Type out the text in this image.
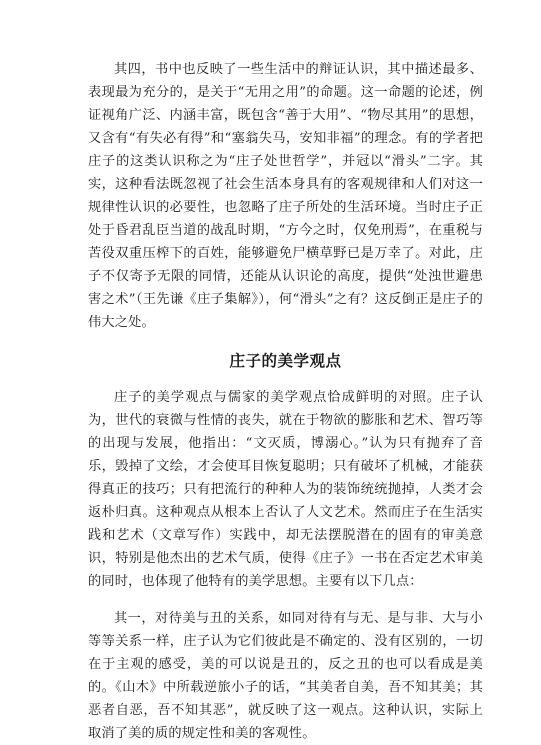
其四，书中也反映了一些生活中的辩证认识，其中描述最多、表现最为充分的，是关于“无用之用”的命题。这一命题的论述，例证视角广泛、内涵丰富，既包含“善于大用”、“物尽其用”的思想，又含有“有失必有得”和“塞翁失马，安知非福”的理念。有的学者把庄子的这类认识称之为“庄子处世哲学”，并冠以“滑头”二字。其实，这种看法既忽视了社会生活本身具有的客观规律和人们对这一规律性认识的必要性，也忽略了庄子所处的生活环境。当时庄子正处于昏君乱臣当道的战乱时期，“方今之时，仅免刑焉”，在重税与苦役双重压榨下的百姓，能够避免尸横草野已是万幸了。对此，庄子不仅寄予无限的同情，还能从认识论的高度，提供“处浊世避患害之术”（王先谦《庄子集解》），何“滑头”之有？这反倒正是庄子的伟大之处。

庄子的美学观点

庄子的美学观点与儒家的美学观点恰成鲜明的对照。庄子认为，世代的衰微与性情的丧失，就在于物欲的膨胀和艺术、智巧等的出现与发展，他指出：“文灭质，博溺心。”认为只有抛弃了音乐，毁掉了文绘，才会使耳目恢复聪明；只有破坏了机械，才能获得真正的技巧；只有把流行的种种人为的装饰统统抛掉，人类才会返朴归真。这种观点从根本上否认了人文艺术。然而庄子在生活实践和艺术（文章写作）实践中，却无法摆脱潜在的固有的审美意识，特别是他杰出的艺术气质，使得《庄子》一书在否定艺术审美的同时，也体现了他特有的美学思想。主要有以下几点：

其一，对待美与丑的关系，如同对待有与无、是与非、大与小等等关系一样，庄子认为它们彼此是不确定的、没有区别的，一切在于主观的感受，美的可以说是丑的，反之丑的也可以看成是美的。《山木》中所载逆旅小子的话，“其美者自美，吾不知其美；其恶者自恶，吾不知其恶”，就反映了这一观点。这种认识，实际上取消了美的质的规定性和美的客观性。
